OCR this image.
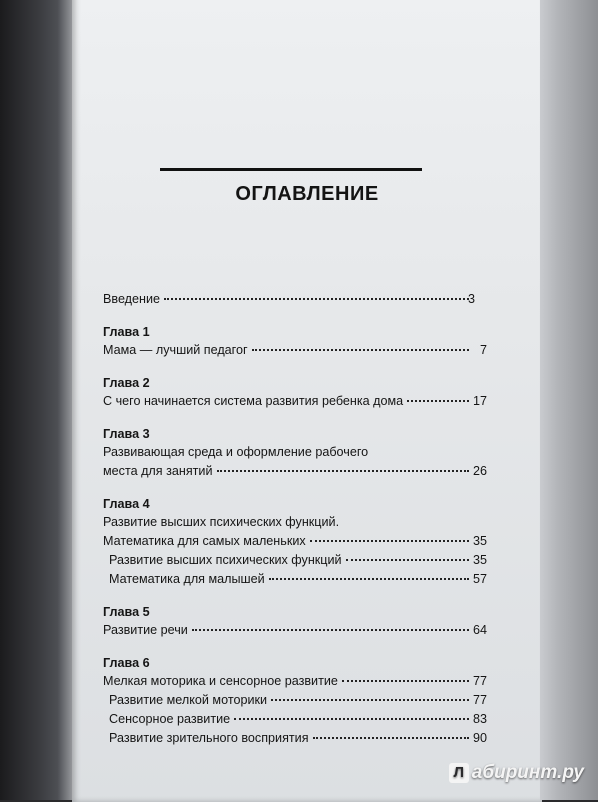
ОГЛАВЛЕНИЕ
Введение	3
Глава 1
Мама — лучший педагог	7
Глава 2
С чего начинается система развития ребенка дома	17
Глава 3
Развивающая среда и оформление рабочего
места для занятий	26
Глава 4
Развитие высших психических функций.
Математика для самых маленьких	35
Развитие высших психических функций	35
Математика для малышей	57
Глава 5
Развитие речи	64
Глава 6
Мелкая моторика и сенсорное развитие	77
Развитие мелкой моторики	77
Сенсорное развитие	83
Развитие зрительного восприятия	90
Л абиринт.ру
